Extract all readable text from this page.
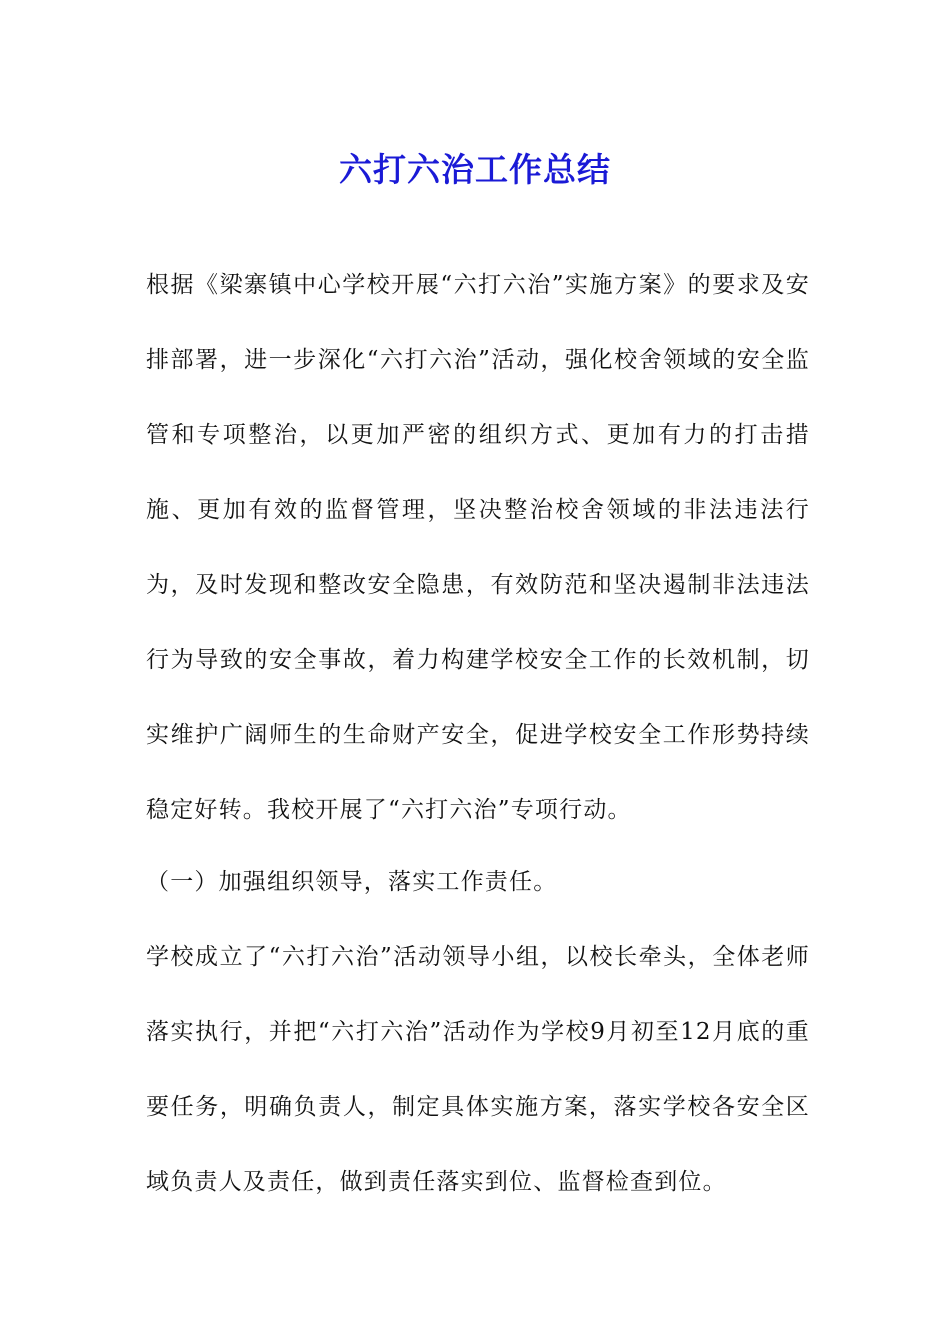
六打六治工作总结

根据《梁寨镇中心学校开展“六打六治”实施方案》的要求及安排部署，进一步深化“六打六治”活动，强化校舍领域的安全监管和专项整治，以更加严密的组织方式、更加有力的打击措施、更加有效的监督管理，坚决整治校舍领域的非法违法行为，及时发现和整改安全隐患，有效防范和坚决遏制非法违法行为导致的安全事故，着力构建学校安全工作的长效机制，切实维护广阔师生的生命财产安全，促进学校安全工作形势持续稳定好转。我校开展了“六打六治”专项行动。

（一）加强组织领导，落实工作责任。

学校成立了“六打六治”活动领导小组，以校长牵头，全体老师落实执行，并把“六打六治”活动作为学校9月初至12月底的重要任务，明确负责人，制定具体实施方案，落实学校各安全区域负责人及责任，做到责任落实到位、监督检查到位。
